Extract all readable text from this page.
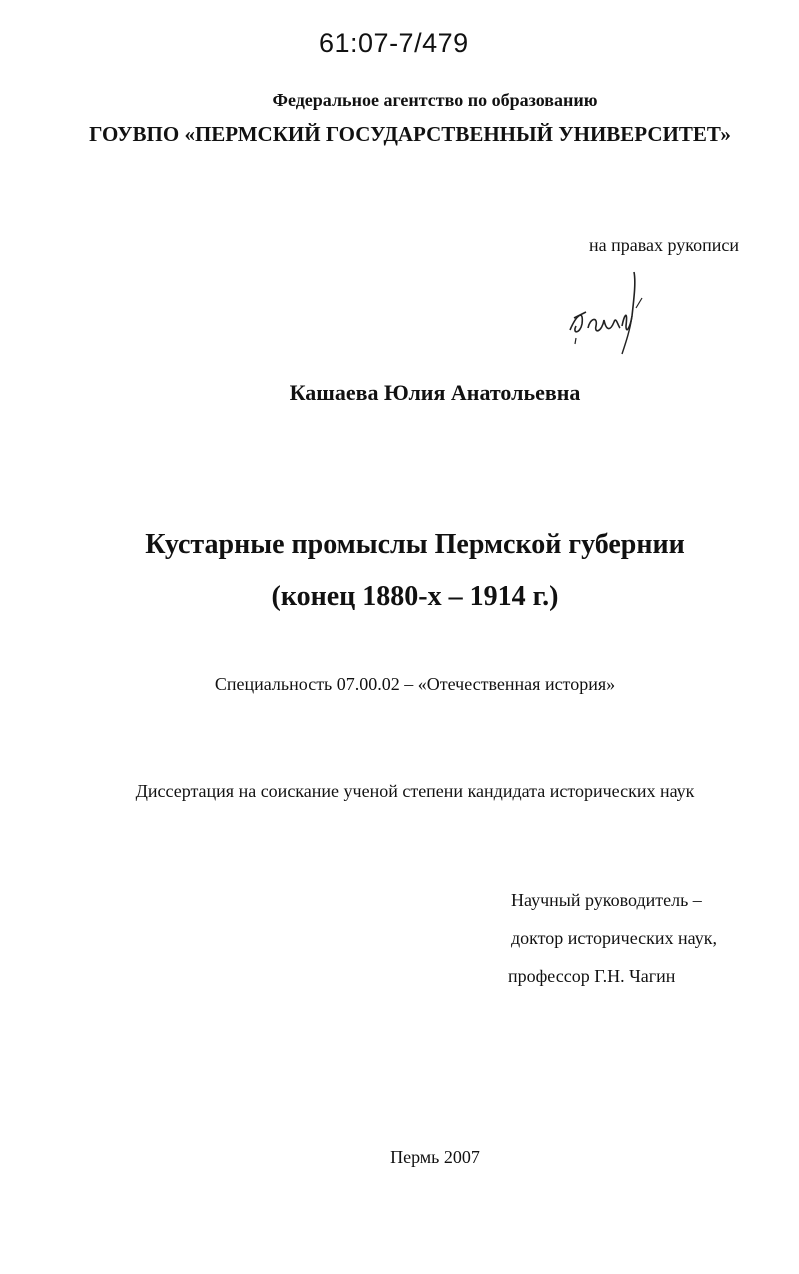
61:07-7/479
Федеральное агентство по образованию
ГОУВПО «ПЕРМСКИЙ ГОСУДАРСТВЕННЫЙ УНИВЕРСИТЕТ»
на правах рукописи
Кашаева Юлия Анатольевна
Кустарные промыслы Пермской губернии
(конец 1880-х – 1914 г.)
Специальность 07.00.02 – «Отечественная история»
Диссертация на соискание ученой степени кандидата исторических наук
Научный руководитель –
доктор исторических наук,
профессор Г.Н. Чагин
Пермь 2007
